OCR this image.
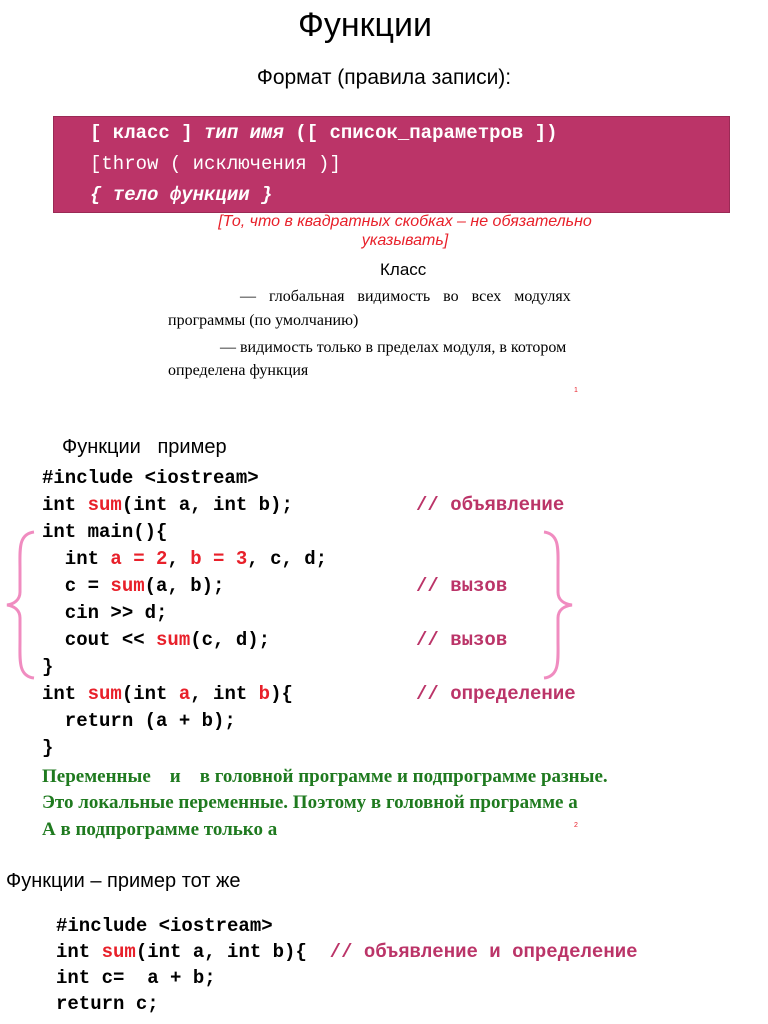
Функции
Формат (правила записи):
[ класс ] тип имя ([ список_параметров ])
[throw ( исключения )]
{ тело функции }
[То, что в квадратных скобках – не обязательно
указывать]
Класс
— глобальная видимость во всех модулях
программы (по умолчанию)
— видимость только в пределах модуля, в котором
определена функция
1
Функции   пример
#include <iostream>
int sum(int a, int b);	// объявление
int main(){
int a = 2, b = 3, c, d;
c = sum(a, b);	// вызов
cin >> d;
cout << sum(c, d);	// вызов
}
int sum(int a, int b){	// определение
return (a + b);
}
Переменные    и    в головной программе и подпрограмме разные.
Это локальные переменные. Поэтому в головной программе а
А в подпрограмме только а	2
Функции – пример тот же
#include <iostream>
int sum(int a, int b){  // объявление и определение
int c=  a + b;
return c;
